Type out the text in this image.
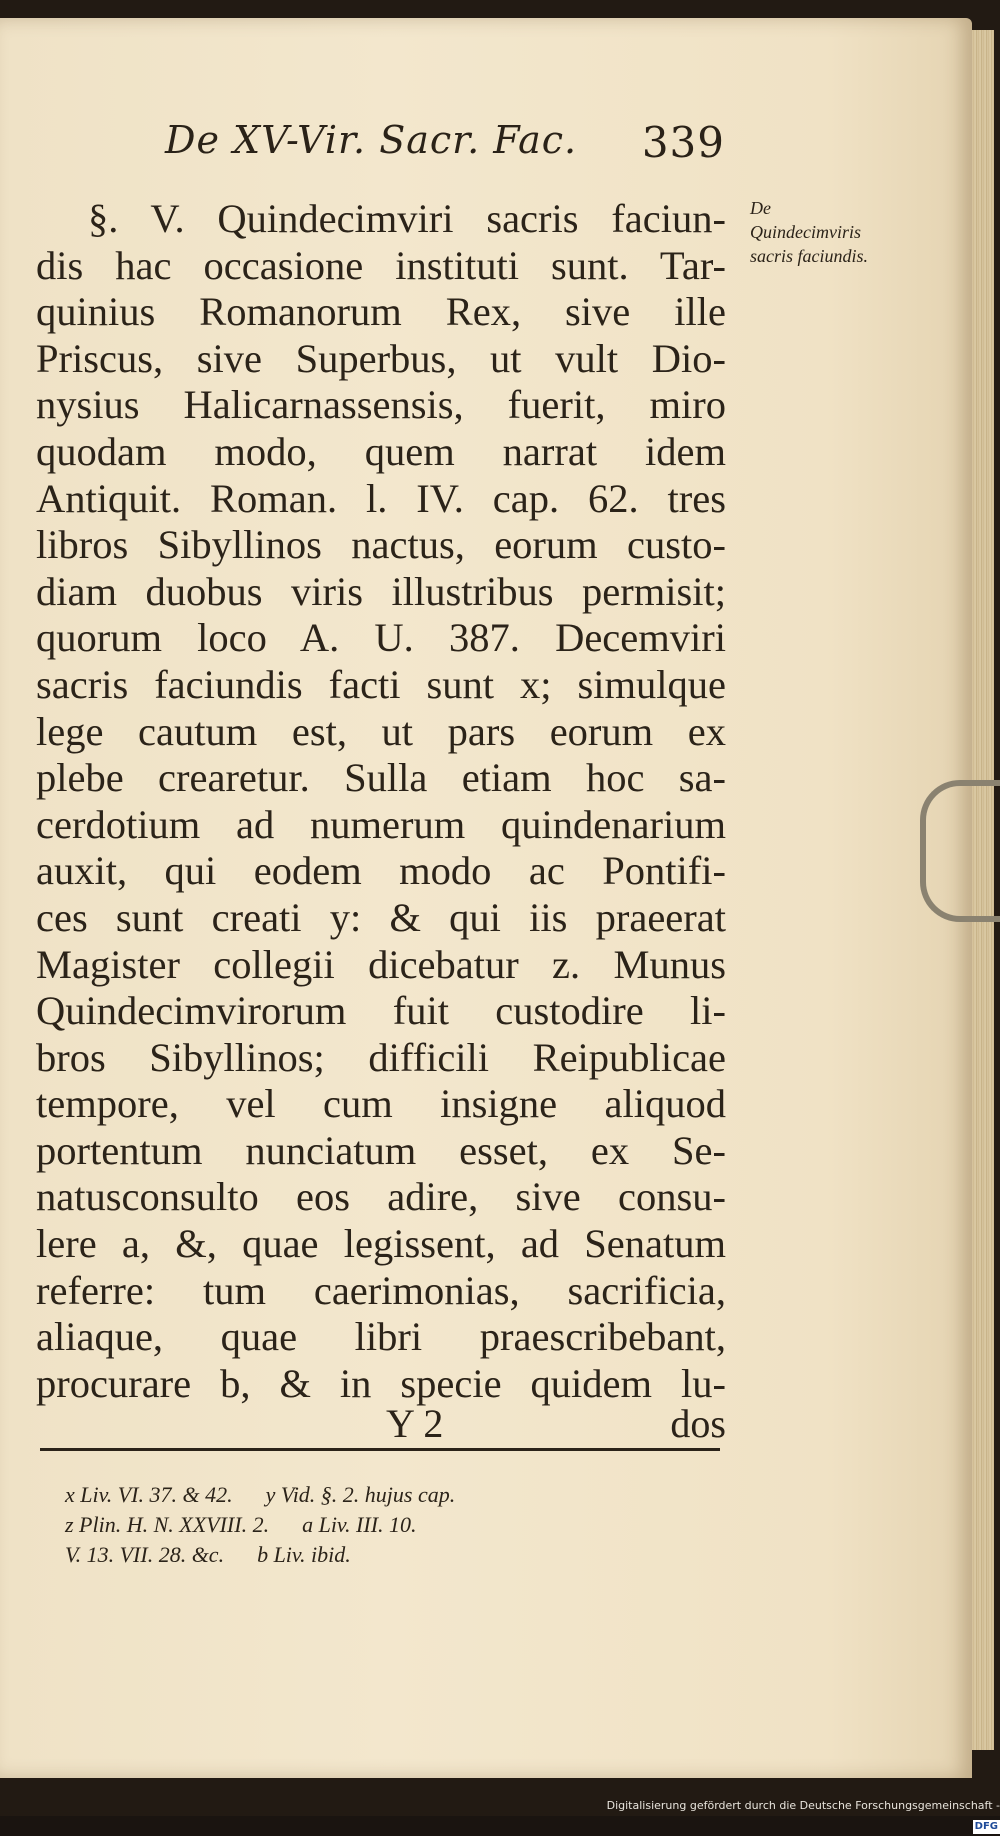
De XV-Vir. Sacr. Fac. 339
De Quindecimviris sacris faciundis.
§. V. Quindecimviri sacris faciun-
dis hac occasione instituti sunt. Tar-
quinius Romanorum Rex, sive ille
Priscus, sive Superbus, ut vult Dio-
nysius Halicarnassensis, fuerit, miro
quodam modo, quem narrat idem
Antiquit. Roman. l. IV. cap. 62. tres
libros Sibyllinos nactus, eorum custo-
diam duobus viris illustribus permisit;
quorum loco A. U. 387. Decemviri
sacris faciundis facti sunt x; simulque
lege cautum est, ut pars eorum ex
plebe crearetur. Sulla etiam hoc sa-
cerdotium ad numerum quindenarium
auxit, qui eodem modo ac Pontifi-
ces sunt creati y: & qui iis praeerat
Magister collegii dicebatur z. Munus
Quindecimvirorum fuit custodire li-
bros Sibyllinos; difficili Reipublicae
tempore, vel cum insigne aliquod
portentum nunciatum esset, ex Se-
natusconsulto eos adire, sive consu-
lere a, &, quae legissent, ad Senatum
referre: tum caerimonias, sacrificia,
aliaque, quae libri praescribebant,
procurare b, & in specie quidem lu-
Y 2	dos
x Liv. VI. 37. & 42.      y Vid. §. 2. hujus cap.
z Plin. H. N. XXVIII. 2.      a Liv. III. 10.
V. 13. VII. 28. &c.      b Liv. ibid.
Digitalisierung gefördert durch die Deutsche Forschungsgemeinschaft -DFG
